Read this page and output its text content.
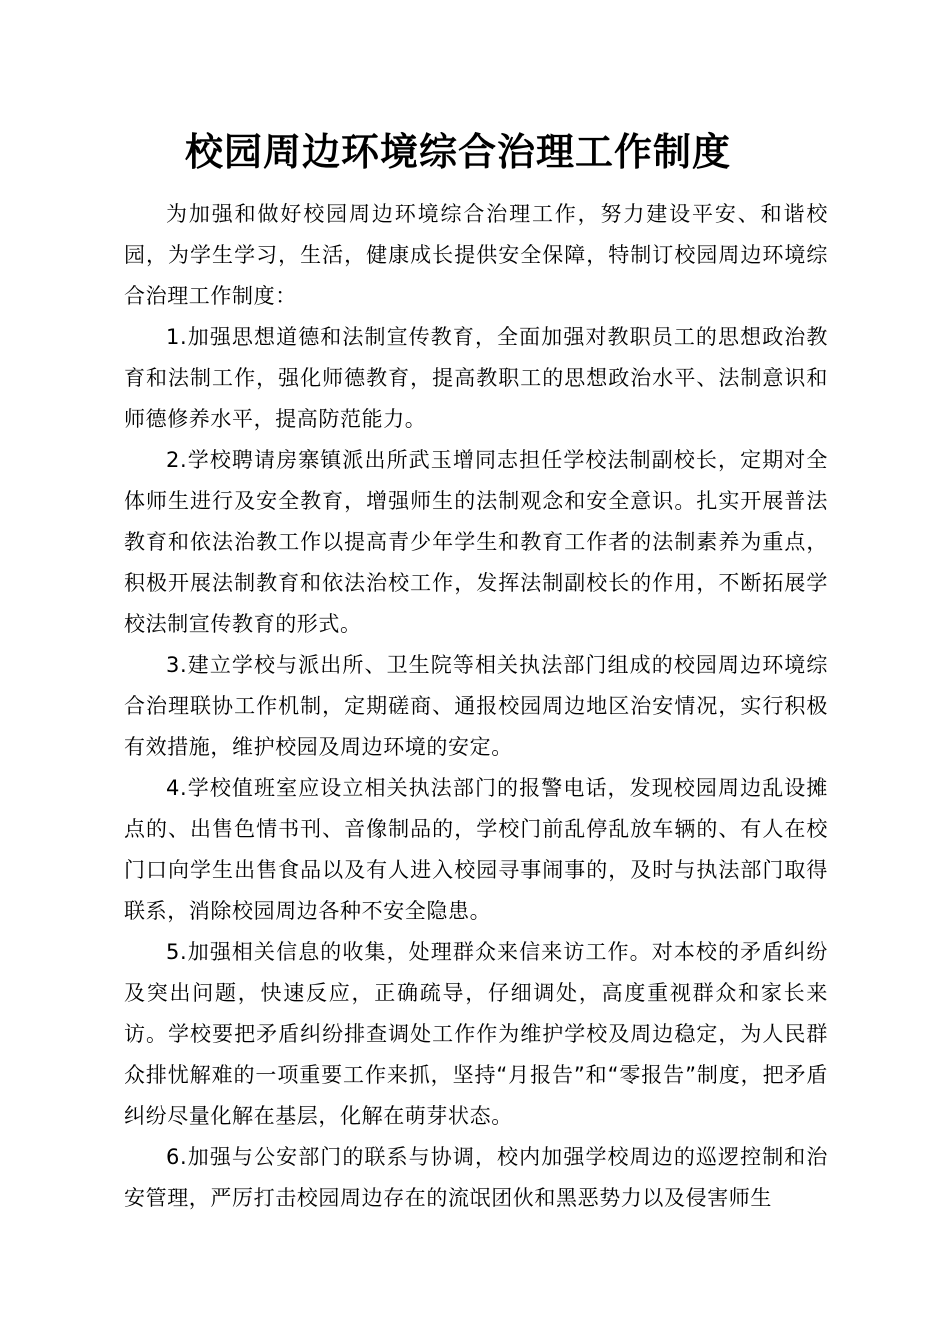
校园周边环境综合治理工作制度

为加强和做好校园周边环境综合治理工作，努力建设平安、和谐校园，为学生学习，生活，健康成长提供安全保障，特制订校园周边环境综合治理工作制度：

1.加强思想道德和法制宣传教育，全面加强对教职员工的思想政治教育和法制工作，强化师德教育，提高教职工的思想政治水平、法制意识和师德修养水平，提高防范能力。

2.学校聘请房寨镇派出所武玉增同志担任学校法制副校长，定期对全体师生进行及安全教育，增强师生的法制观念和安全意识。扎实开展普法教育和依法治教工作以提高青少年学生和教育工作者的法制素养为重点，积极开展法制教育和依法治校工作，发挥法制副校长的作用，不断拓展学校法制宣传教育的形式。

3.建立学校与派出所、卫生院等相关执法部门组成的校园周边环境综合治理联协工作机制，定期磋商、通报校园周边地区治安情况，实行积极有效措施，维护校园及周边环境的安定。

4.学校值班室应设立相关执法部门的报警电话，发现校园周边乱设摊点的、出售色情书刊、音像制品的，学校门前乱停乱放车辆的、有人在校门口向学生出售食品以及有人进入校园寻事闹事的，及时与执法部门取得联系，消除校园周边各种不安全隐患。

5.加强相关信息的收集，处理群众来信来访工作。对本校的矛盾纠纷及突出问题，快速反应，正确疏导，仔细调处，高度重视群众和家长来访。学校要把矛盾纠纷排查调处工作作为维护学校及周边稳定，为人民群众排忧解难的一项重要工作来抓，坚持“月报告”和“零报告”制度，把矛盾纠纷尽量化解在基层，化解在萌芽状态。

6.加强与公安部门的联系与协调，校内加强学校周边的巡逻控制和治安管理，严厉打击校园周边存在的流氓团伙和黑恶势力以及侵害师生
